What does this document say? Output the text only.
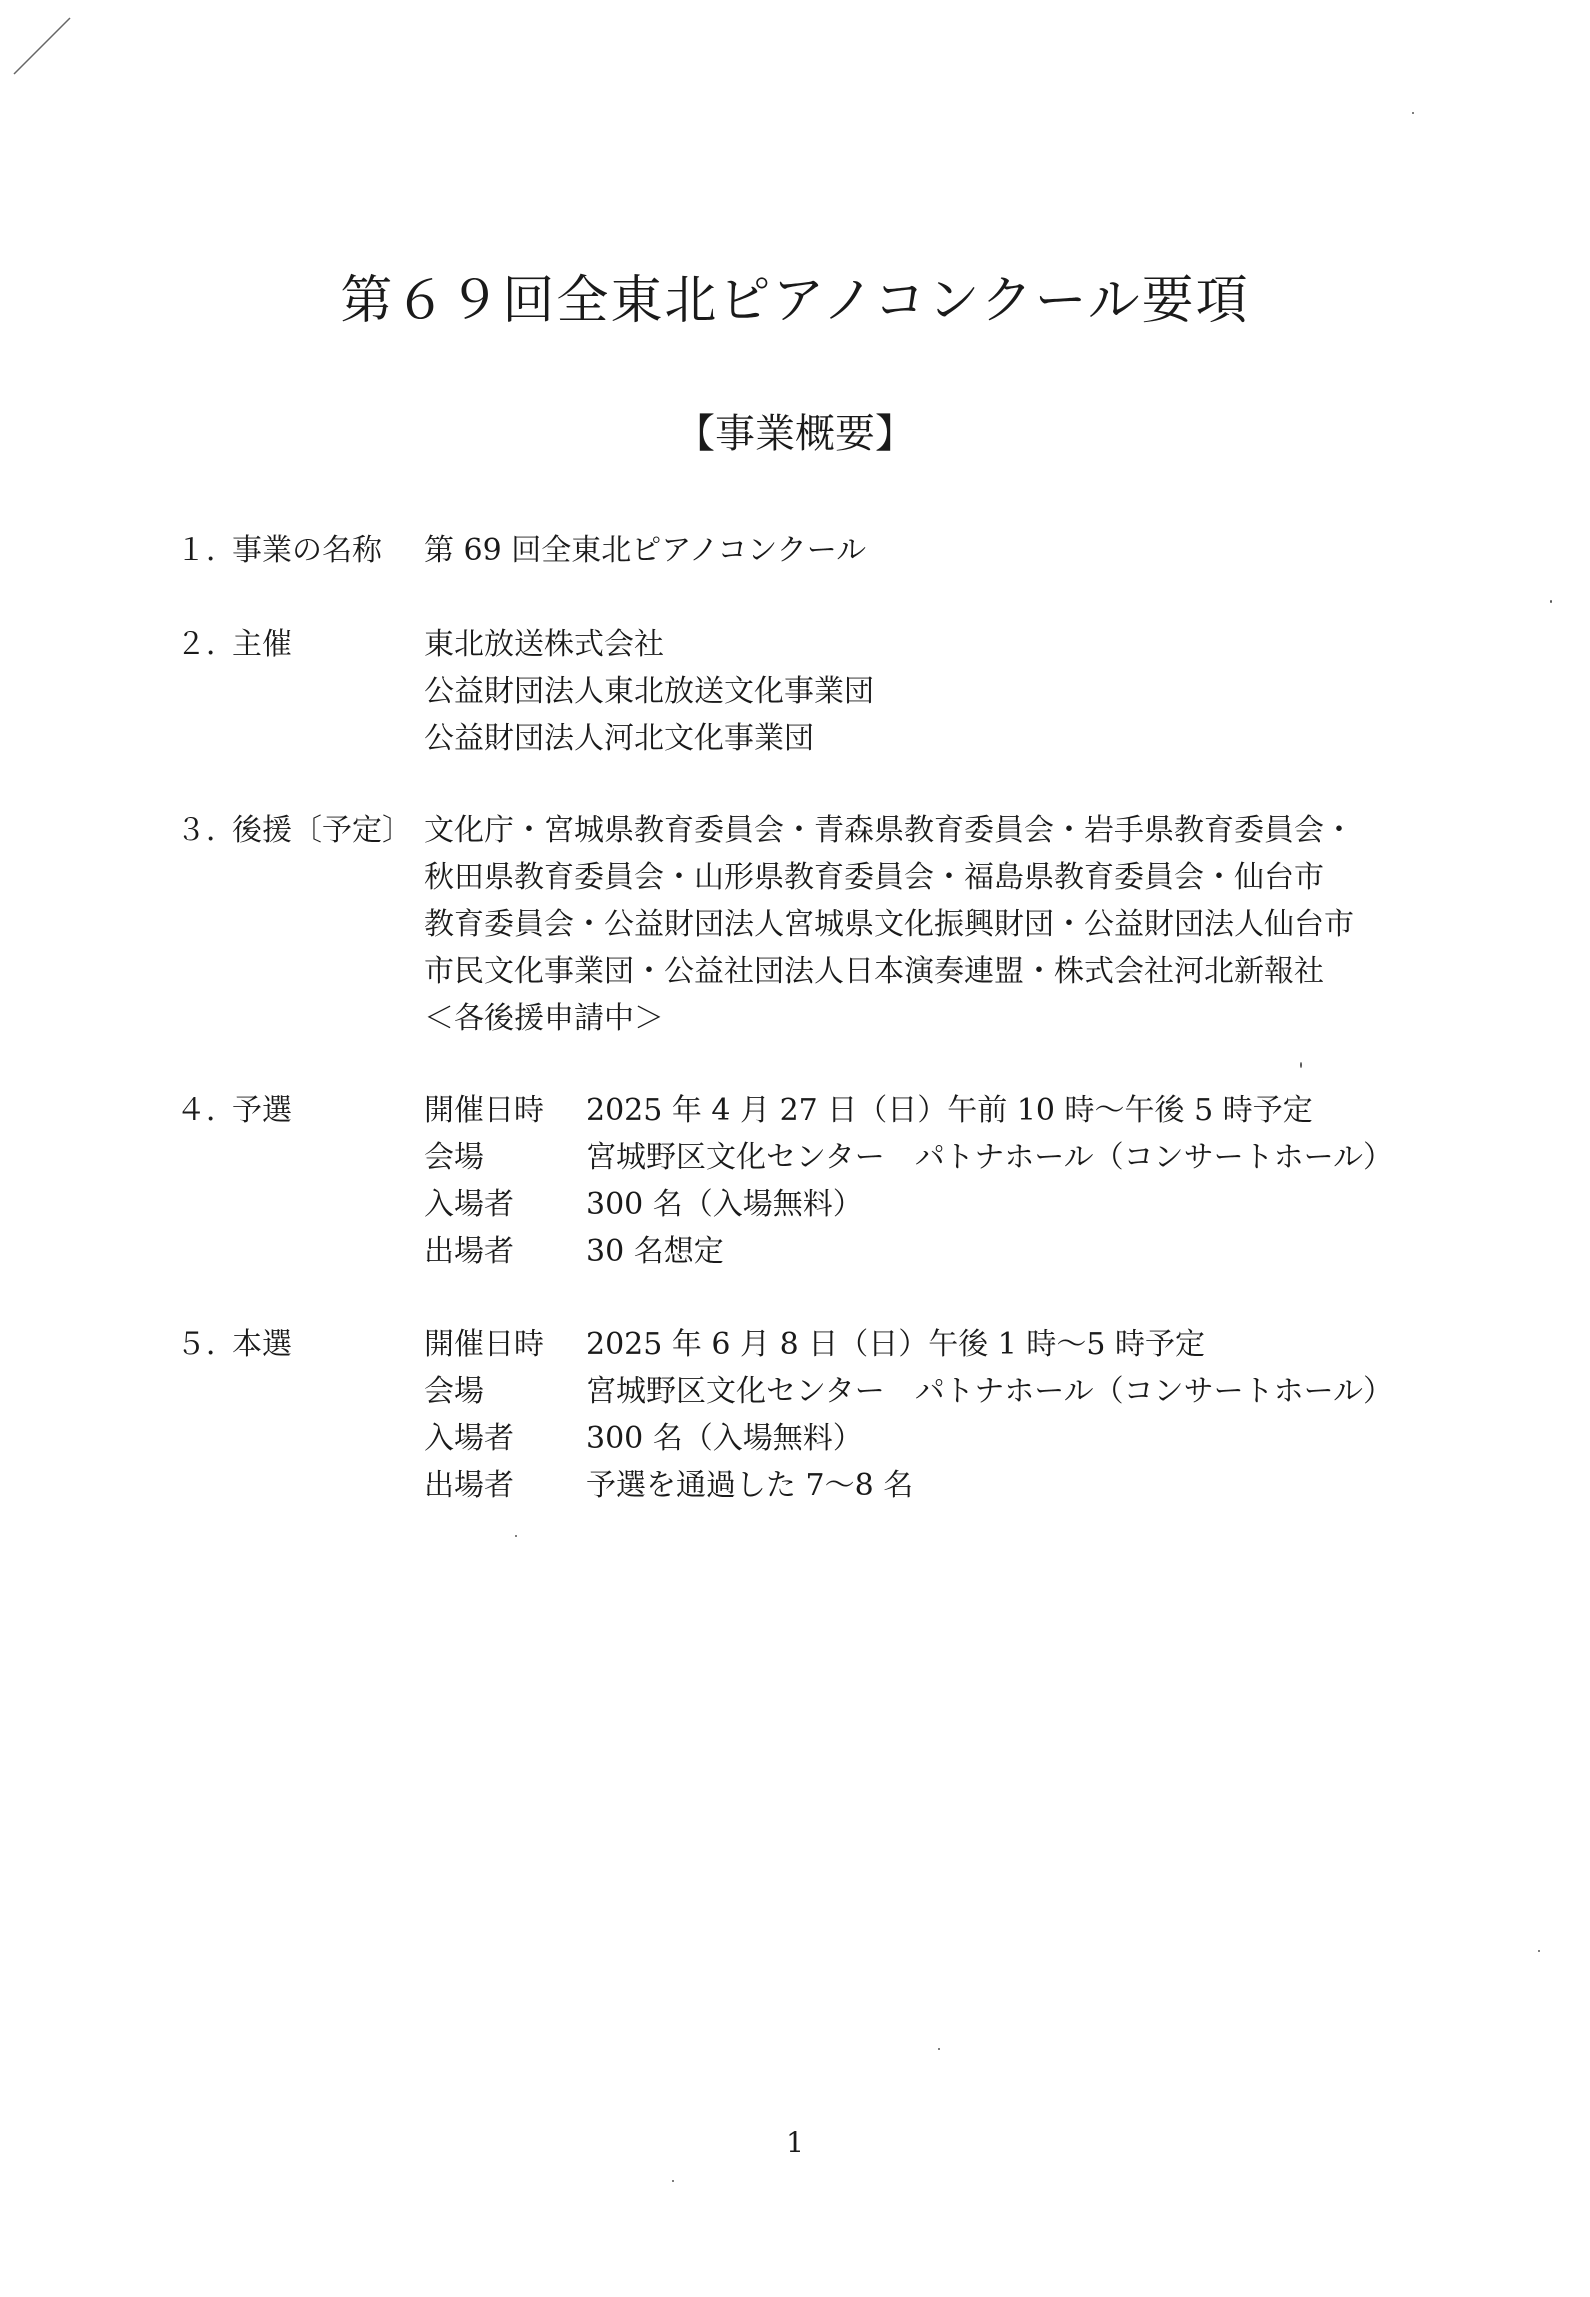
第６９回全東北ピアノコンクール要項
【事業概要】
１．
事業の名称 第 69 回全東北ピアノコンクール
２．
主催	東北放送株式会社
公益財団法人東北放送文化事業団
公益財団法人河北文化事業団
３．
後援〔予定〕 文化庁・宮城県教育委員会・青森県教育委員会・岩手県教育委員会・
秋田県教育委員会・山形県教育委員会・福島県教育委員会・仙台市
教育委員会・公益財団法人宮城県文化振興財団・公益財団法人仙台市
市民文化事業団・公益社団法人日本演奏連盟・株式会社河北新報社
＜各後援申請中＞
４．
予選	開催日時	2025 年 4 月 27 日（日）午前 10 時～午後 5 時予定
会場	宮城野区文化センター　パトナホール（コンサートホール）
入場者	300 名（入場無料）
出場者	30 名想定
５．
本選	開催日時	2025 年 6 月 8 日（日）午後 1 時～5 時予定
会場	宮城野区文化センター　パトナホール（コンサートホール）
入場者	300 名（入場無料）
出場者	予選を通過した 7～8 名
1
